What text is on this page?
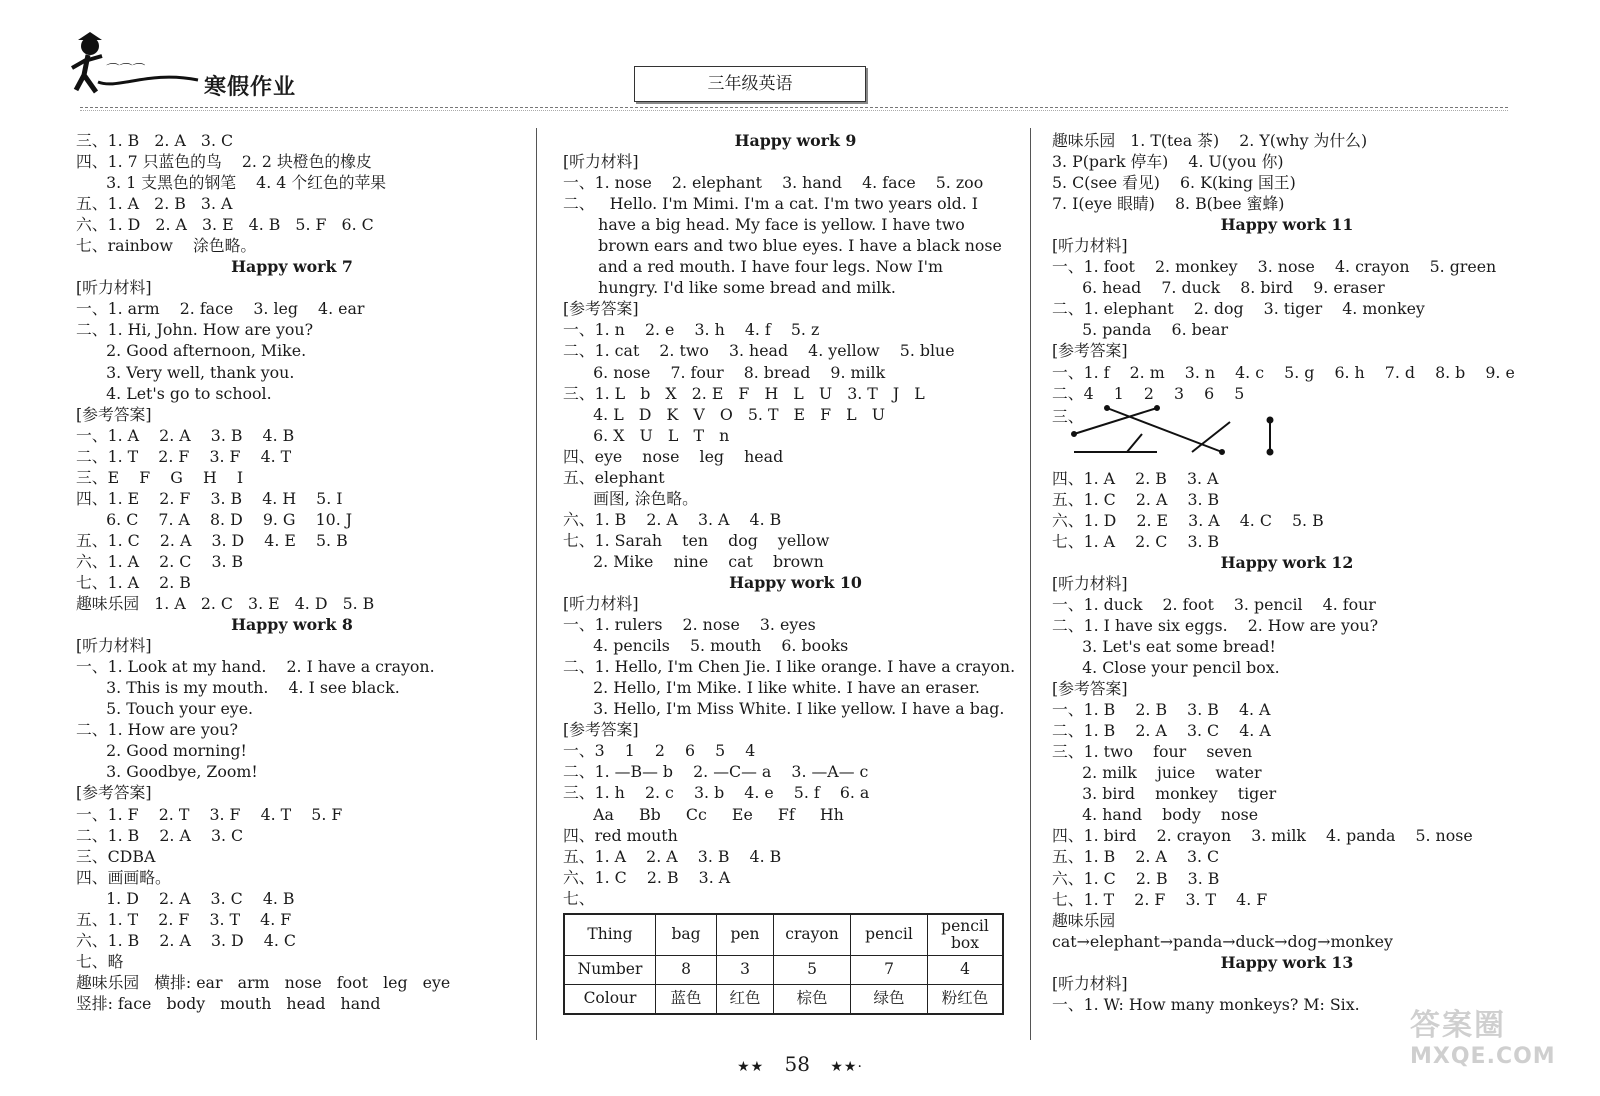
⌒⌒⌒
寒假作业	三年级英语
三、1. B   2. A   3. C
四、1. 7 只蓝色的鸟    2. 2 块橙色的橡皮
3. 1 支黑色的钢笔    4. 4 个红色的苹果
五、1. A   2. B   3. A
六、1. D   2. A   3. E   4. B   5. F   6. C
七、rainbow    涂色略。
Happy work 7
[听力材料]
一、1. arm    2. face    3. leg    4. ear
二、1. Hi, John. How are you?
2. Good afternoon, Mike.
3. Very well, thank you.
4. Let's go to school.
[参考答案]
一、1. A    2. A    3. B    4. B
二、1. T    2. F    3. F    4. T
三、E    F    G    H    I
四、1. E    2. F    3. B    4. H    5. I
6. C    7. A    8. D    9. G    10. J
五、1. C    2. A    3. D    4. E    5. B
六、1. A    2. C    3. B
七、1. A    2. B
趣味乐园   1. A   2. C   3. E   4. D   5. B
Happy work 8
[听力材料]
一、1. Look at my hand.    2. I have a crayon.
3. This is my mouth.    4. I see black.
5. Touch your eye.
二、1. How are you?
2. Good morning!
3. Goodbye, Zoom!
[参考答案]
一、1. F    2. T    3. F    4. T    5. F
二、1. B    2. A    3. C
三、CDBA
四、画画略。
1. D    2. A    3. C    4. B
五、1. T    2. F    3. T    4. F
六、1. B    2. A    3. D    4. C
七、略
趣味乐园   横排: ear   arm   nose   foot   leg   eye
竖排: face   body   mouth   head   hand
Happy work 9
[听力材料]
一、1. nose    2. elephant    3. hand    4. face    5. zoo
二、   Hello. I'm Mimi. I'm a cat. I'm two years old. I
have a big head. My face is yellow. I have two
brown ears and two blue eyes. I have a black nose
and a red mouth. I have four legs. Now I'm
hungry. I'd like some bread and milk.
[参考答案]
一、1. n    2. e    3. h    4. f    5. z
二、1. cat    2. two    3. head    4. yellow    5. blue
6. nose    7. four    8. bread    9. milk
三、1. L   b   X   2. E   F   H   L   U   3. T   J   L
4. L   D   K   V   O   5. T   E   F   L   U
6. X   U   L   T   n
四、eye    nose    leg    head
五、elephant
画图, 涂色略。
六、1. B    2. A    3. A    4. B
七、1. Sarah    ten    dog    yellow
2. Mike    nine    cat    brown
Happy work 10
[听力材料]
一、1. rulers    2. nose    3. eyes
4. pencils    5. mouth    6. books
二、1. Hello, I'm Chen Jie. I like orange. I have a crayon.
2. Hello, I'm Mike. I like white. I have an eraser.
3. Hello, I'm Miss White. I like yellow. I have a bag.
[参考答案]
一、3    1    2    6    5    4
二、1. —B— b    2. —C— a    3. —A— c
三、1. h    2. c    3. b    4. e    5. f    6. a
Aa     Bb     Cc     Ee     Ff     Hh
四、red mouth
五、1. A    2. A    3. B    4. B
六、1. C    2. B    3. A
七、
Thing	bag	pen	crayon	pencil	pencil box
Number	8	3	5	7	4
Colour	蓝色	红色	棕色	绿色	粉红色
趣味乐园   1. T(tea 茶)    2. Y(why 为什么)
3. P(park 停车)    4. U(you 你)
5. C(see 看见)    6. K(king 国王)
7. I(eye 眼睛)    8. B(bee 蜜蜂)
Happy work 11
[听力材料]
一、1. foot    2. monkey    3. nose    4. crayon    5. green
6. head    7. duck    8. bird    9. eraser
二、1. elephant    2. dog    3. tiger    4. monkey
5. panda    6. bear
[参考答案]
一、1. f    2. m    3. n    4. c    5. g    6. h    7. d    8. b    9. e
二、4    1    2    3    6    5
三、
四、1. A    2. B    3. A
五、1. C    2. A    3. B
六、1. D    2. E    3. A    4. C    5. B
七、1. A    2. C    3. B
Happy work 12
[听力材料]
一、1. duck    2. foot    3. pencil    4. four
二、1. I have six eggs.    2. How are you?
3. Let's eat some bread!
4. Close your pencil box.
[参考答案]
一、1. B    2. B    3. B    4. A
二、1. B    2. A    3. C    4. A
三、1. two    four    seven
2. milk    juice    water
3. bird    monkey    tiger
4. hand    body    nose
四、1. bird    2. crayon    3. milk    4. panda    5. nose
五、1. B    2. A    3. C
六、1. C    2. B    3. B
七、1. T    2. F    3. T    4. F
趣味乐园
cat→elephant→panda→duck→dog→monkey
Happy work 13
[听力材料]
一、1. W: How many monkeys? M: Six.
★★ 58 ★★·
答案圈
MXQE.COM
